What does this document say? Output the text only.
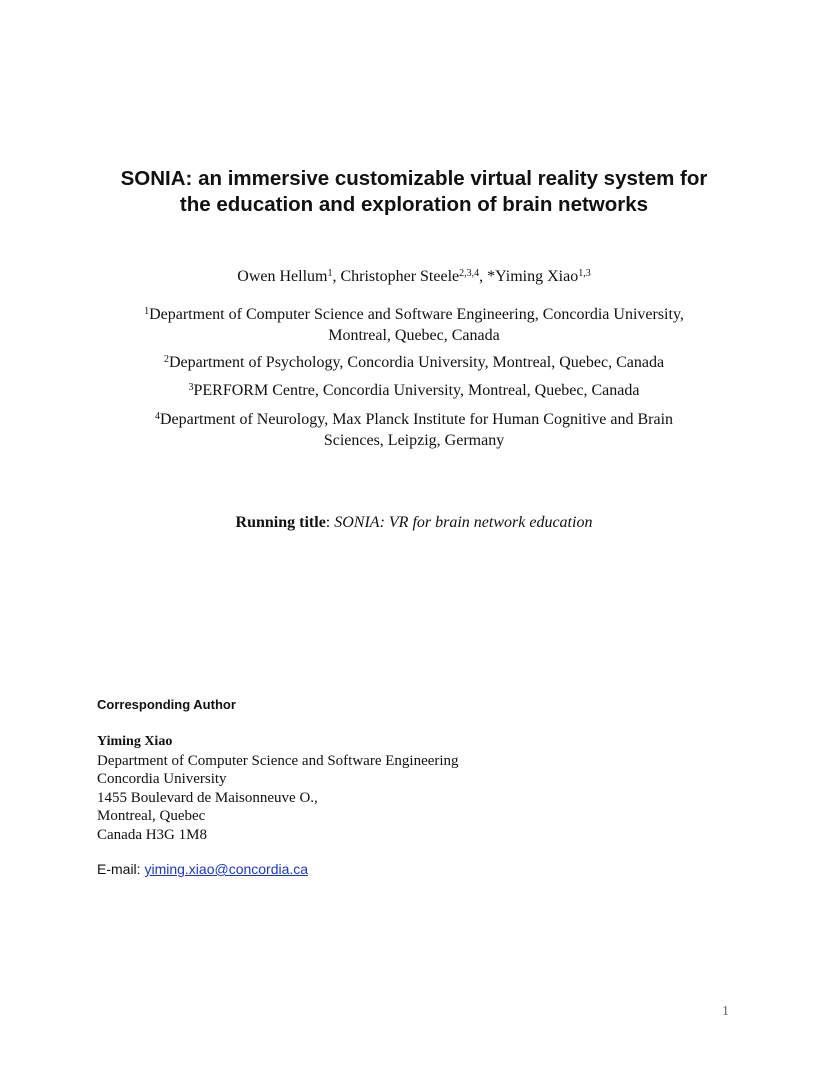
SONIA: an immersive customizable virtual reality system for
the education and exploration of brain networks
Owen Hellum$^1$, Christopher Steele$^{2,3,4}$, *Yiming Xiao$^{1,3}$
$^1$Department of Computer Science and Software Engineering, Concordia University,
Montreal, Quebec, Canada
$^2$Department of Psychology, Concordia University, Montreal, Quebec, Canada
$^3$PERFORM Centre, Concordia University, Montreal, Quebec, Canada
$^4$Department of Neurology, Max Planck Institute for Human Cognitive and Brain
Sciences, Leipzig, Germany
Running title: SONIA: VR for brain network education
Corresponding Author
Yiming Xiao
Department of Computer Science and Software Engineering
Concordia University
1455 Boulevard de Maisonneuve O.,
Montreal, Quebec
Canada H3G 1M8
E-mail: yiming.xiao@concordia.ca
1
